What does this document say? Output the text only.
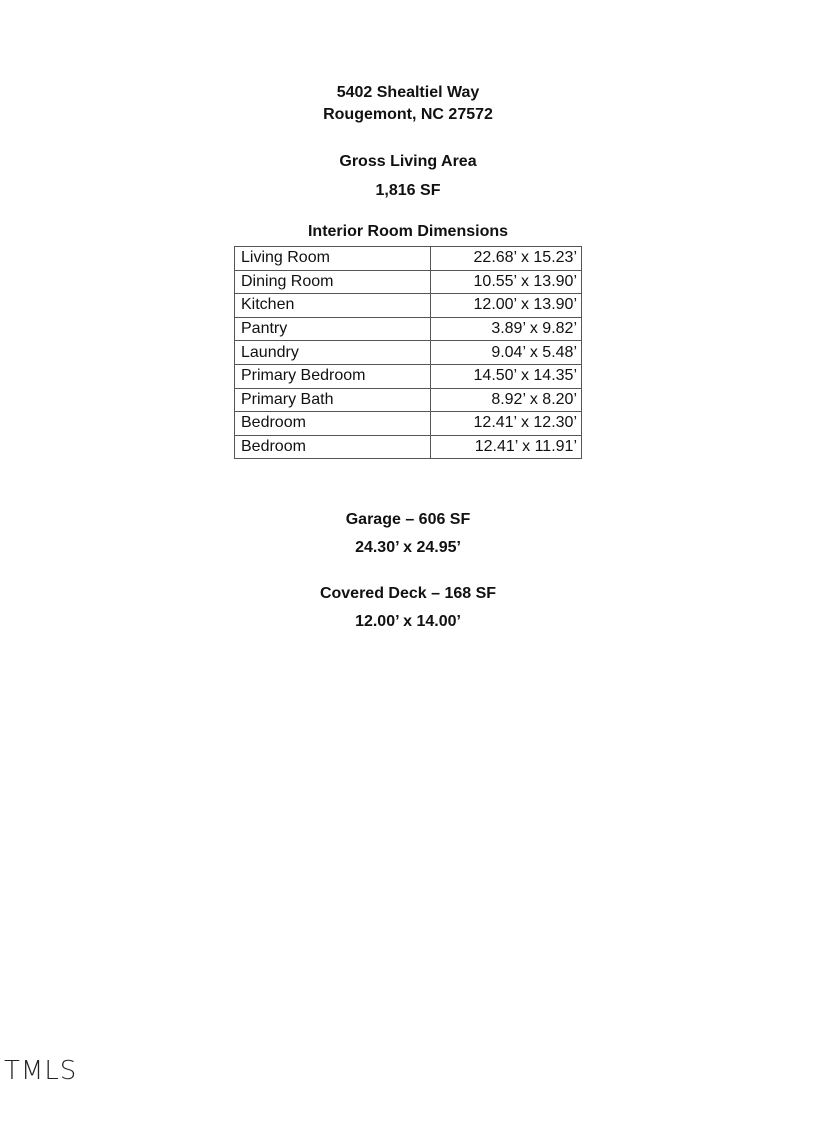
5402 Shealtiel Way
Rougemont, NC 27572
Gross Living Area
1,816 SF
Interior Room Dimensions
Living Room	22.68’ x 15.23’
Dining Room	10.55’ x 13.90’
Kitchen	12.00’ x 13.90’
Pantry	3.89’ x 9.82’
Laundry	9.04’ x 5.48’
Primary Bedroom	14.50’ x 14.35’
Primary Bath	8.92’ x 8.20’
Bedroom	12.41’ x 12.30’
Bedroom	12.41’ x 11.91’
Garage – 606 SF
24.30’ x 24.95’
Covered Deck – 168 SF
12.00’ x 14.00’
TMLS
